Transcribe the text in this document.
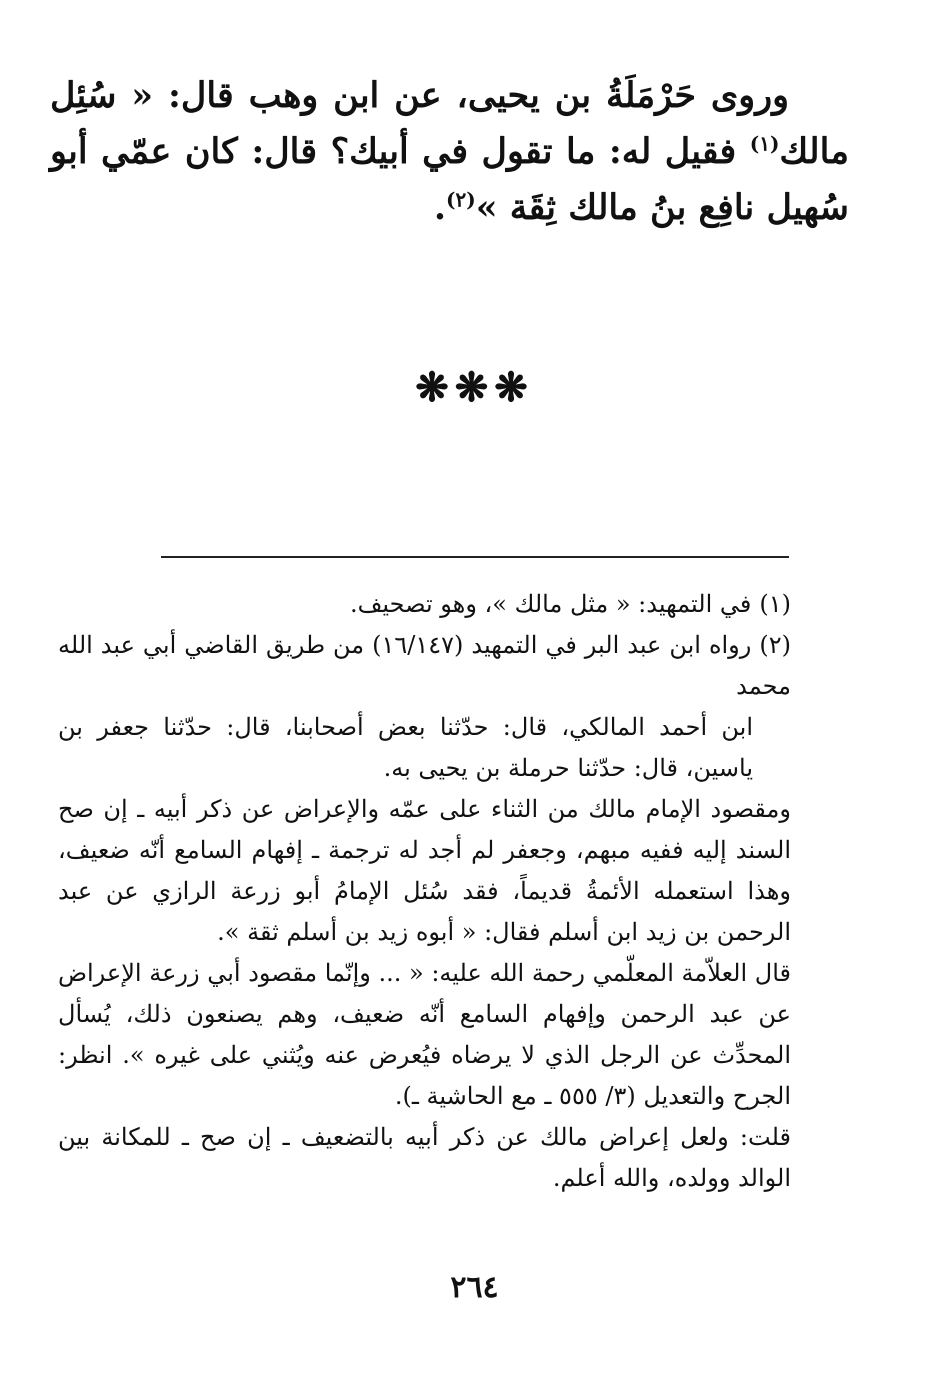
وروى حَرْمَلَةُ بن يحيى، عن ابن وهب قال: « سُئِل مالك$^{(١)}$ فقيل له: ما تقول في أبيك؟ قال: كان عمّي أبو سُهيل نافِع بنُ مالك ثِقَة »$^{(٢)}$.

❋❋❋

(١)في التمهيد: « مثل مالك »، وهو تصحيف.

(٢)رواه ابن عبد البر في التمهيد (١٦/١٤٧) من طريق القاضي أبي عبد الله محمد

ابن أحمد المالكي، قال: حدّثنا بعض أصحابنا، قال: حدّثنا جعفر بن ياسين، قال: حدّثنا حرملة بن يحيى به.

ومقصود الإمام مالك من الثناء على عمّه والإعراض عن ذكر أبيه ـ إن صح السند إليه ففيه مبهم، وجعفر لم أجد له ترجمة ـ إفهام السامع أنّه ضعيف، وهذا استعمله الأئمةُ قديماً، فقد سُئل الإمامُ أبو زرعة الرازي عن عبد الرحمن بن زيد ابن أسلم فقال: « أبوه زيد بن أسلم ثقة ».

قال العلاّمة المعلّمي رحمة الله عليه: « ... وإنّما مقصود أبي زرعة الإعراض عن عبد الرحمن وإفهام السامع أنّه ضعيف، وهم يصنعون ذلك، يُسأل المحدِّث عن الرجل الذي لا يرضاه فيُعرض عنه ويُثني على غيره ». انظر: الجرح والتعديل (٣/ ٥٥٥ ـ مع الحاشية ـ).

قلت: ولعل إعراض مالك عن ذكر أبيه بالتضعيف ـ إن صح ـ للمكانة بين الوالد وولده، والله أعلم.

٢٦٤
